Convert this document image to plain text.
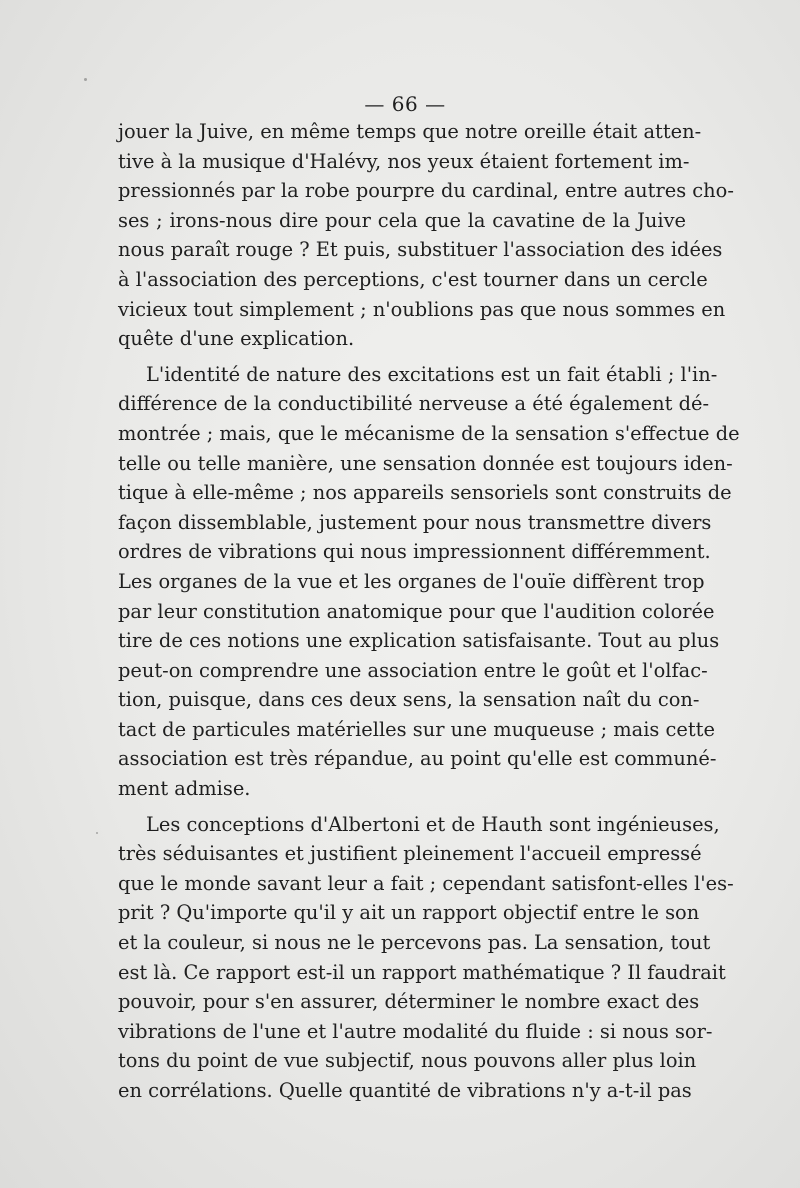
— 66 —
jouer la Juive, en même temps que notre oreille était atten-
tive à la musique d'Halévy, nos yeux étaient fortement im-
pressionnés par la robe pourpre du cardinal, entre autres cho-
ses ; irons-nous dire pour cela que la cavatine de la Juive
nous paraît rouge ? Et puis, substituer l'association des idées
à l'association des perceptions, c'est tourner dans un cercle
vicieux tout simplement ; n'oublions pas que nous sommes en
quête d'une explication.
L'identité de nature des excitations est un fait établi ; l'in-
différence de la conductibilité nerveuse a été également dé-
montrée ; mais, que le mécanisme de la sensation s'effectue de
telle ou telle manière, une sensation donnée est toujours iden-
tique à elle-même ; nos appareils sensoriels sont construits de
façon dissemblable, justement pour nous transmettre divers
ordres de vibrations qui nous impressionnent différemment.
Les organes de la vue et les organes de l'ouïe diffèrent trop
par leur constitution anatomique pour que l'audition colorée
tire de ces notions une explication satisfaisante. Tout au plus
peut-on comprendre une association entre le goût et l'olfac-
tion, puisque, dans ces deux sens, la sensation naît du con-
tact de particules matérielles sur une muqueuse ; mais cette
association est très répandue, au point qu'elle est communé-
ment admise.
Les conceptions d'Albertoni et de Hauth sont ingénieuses,
très séduisantes et justifient pleinement l'accueil empressé
que le monde savant leur a fait ; cependant satisfont-elles l'es-
prit ? Qu'importe qu'il y ait un rapport objectif entre le son
et la couleur, si nous ne le percevons pas. La sensation, tout
est là. Ce rapport est-il un rapport mathématique ? Il faudrait
pouvoir, pour s'en assurer, déterminer le nombre exact des
vibrations de l'une et l'autre modalité du fluide : si nous sor-
tons du point de vue subjectif, nous pouvons aller plus loin
en corrélations. Quelle quantité de vibrations n'y a-t-il pas
